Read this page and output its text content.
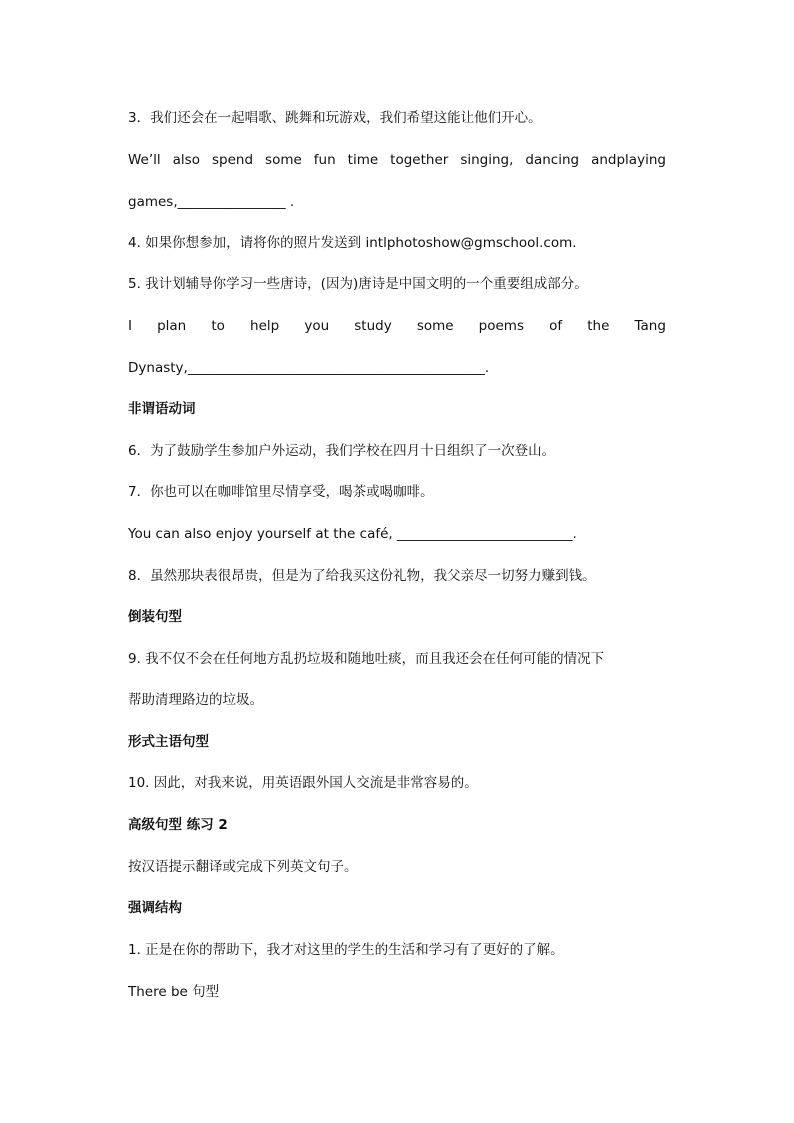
3．我们还会在一起唱歌、跳舞和玩游戏，我们希望这能让他们开心。
We’ll also spend some fun time together singing, dancing andplaying
games,________________ .
4. 如果你想参加，请将你的照片发送到 intlphotoshow@gmschool.com.
5. 我计划辅导你学习一些唐诗，(因为)唐诗是中国文明的一个重要组成部分。
I plan to help you study some poems of the Tang
Dynasty,____________________________________________.
非谓语动词
6．为了鼓励学生参加户外运动，我们学校在四月十日组织了一次登山。
7．你也可以在咖啡馆里尽情享受，喝茶或喝咖啡。
You can also enjoy yourself at the café, __________________________.
8．虽然那块表很昂贵，但是为了给我买这份礼物，我父亲尽一切努力赚到钱。
倒装句型
9. 我不仅不会在任何地方乱扔垃圾和随地吐痰，而且我还会在任何可能的情况下
帮助清理路边的垃圾。
形式主语句型
10. 因此，对我来说，用英语跟外国人交流是非常容易的。
高级句型 练习 2
按汉语提示翻译或完成下列英文句子。
强调结构
1. 正是在你的帮助下，我才对这里的学生的生活和学习有了更好的了解。
There be 句型
